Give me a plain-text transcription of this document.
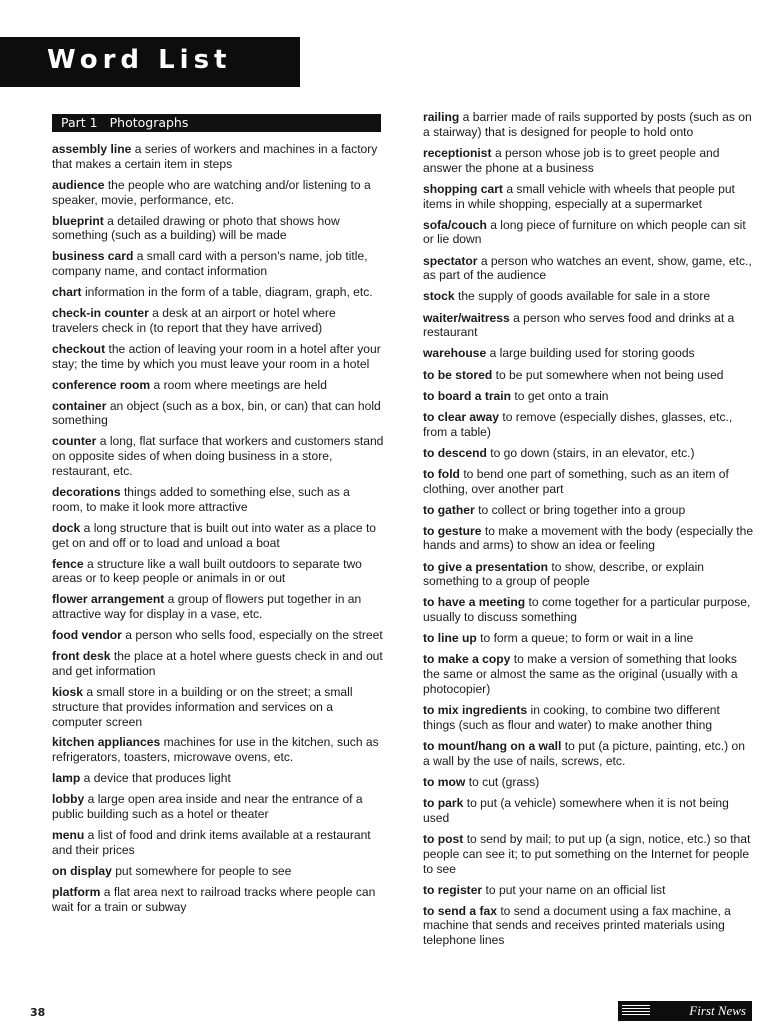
Word List
Part 1 Photographs

assembly line a series of workers and machines in a factory that makes a certain item in steps

audience the people who are watching and/or listening to a speaker, movie, performance, etc.

blueprint a detailed drawing or photo that shows how something (such as a building) will be made

business card a small card with a person's name, job title, company name, and contact information

chart information in the form of a table, diagram, graph, etc.

check-in counter a desk at an airport or hotel where travelers check in (to report that they have arrived)

checkout the action of leaving your room in a hotel after your stay; the time by which you must leave your room in a hotel

conference room a room where meetings are held

container an object (such as a box, bin, or can) that can hold something

counter a long, flat surface that workers and customers stand on opposite sides of when doing business in a store, restaurant, etc.

decorations things added to something else, such as a room, to make it look more attractive

dock a long structure that is built out into water as a place to get on and off or to load and unload a boat

fence a structure like a wall built outdoors to separate two areas or to keep people or animals in or out

flower arrangement a group of flowers put together in an attractive way for display in a vase, etc.

food vendor a person who sells food, especially on the street

front desk the place at a hotel where guests check in and out and get information

kiosk a small store in a building or on the street; a small structure that provides information and services on a computer screen

kitchen appliances machines for use in the kitchen, such as refrigerators, toasters, microwave ovens, etc.

lamp a device that produces light

lobby a large open area inside and near the entrance of a public building such as a hotel or theater

menu a list of food and drink items available at a restaurant and their prices

on display put somewhere for people to see

platform a flat area next to railroad tracks where people can wait for a train or subway

railing a barrier made of rails supported by posts (such as on a stairway) that is designed for people to hold onto

receptionist a person whose job is to greet people and answer the phone at a business

shopping cart a small vehicle with wheels that people put items in while shopping, especially at a supermarket

sofa/couch a long piece of furniture on which people can sit or lie down

spectator a person who watches an event, show, game, etc., as part of the audience

stock the supply of goods available for sale in a store

waiter/waitress a person who serves food and drinks at a restaurant

warehouse a large building used for storing goods

to be stored to be put somewhere when not being used

to board a train to get onto a train

to clear away to remove (especially dishes, glasses, etc., from a table)

to descend to go down (stairs, in an elevator, etc.)

to fold to bend one part of something, such as an item of clothing, over another part

to gather to collect or bring together into a group

to gesture to make a movement with the body (especially the hands and arms) to show an idea or feeling

to give a presentation to show, describe, or explain something to a group of people

to have a meeting to come together for a particular purpose, usually to discuss something

to line up to form a queue; to form or wait in a line

to make a copy to make a version of something that looks the same or almost the same as the original (usually with a photocopier)

to mix ingredients in cooking, to combine two different things (such as flour and water) to make another thing

to mount/hang on a wall to put (a picture, painting, etc.) on a wall by the use of nails, screws, etc.

to mow to cut (grass)

to park to put (a vehicle) somewhere when it is not being used

to post to send by mail; to put up (a sign, notice, etc.) so that people can see it; to put something on the Internet for people to see

to register to put your name on an official list

to send a fax to send a document using a fax machine, a machine that sends and receives printed materials using telephone lines

38	First News
